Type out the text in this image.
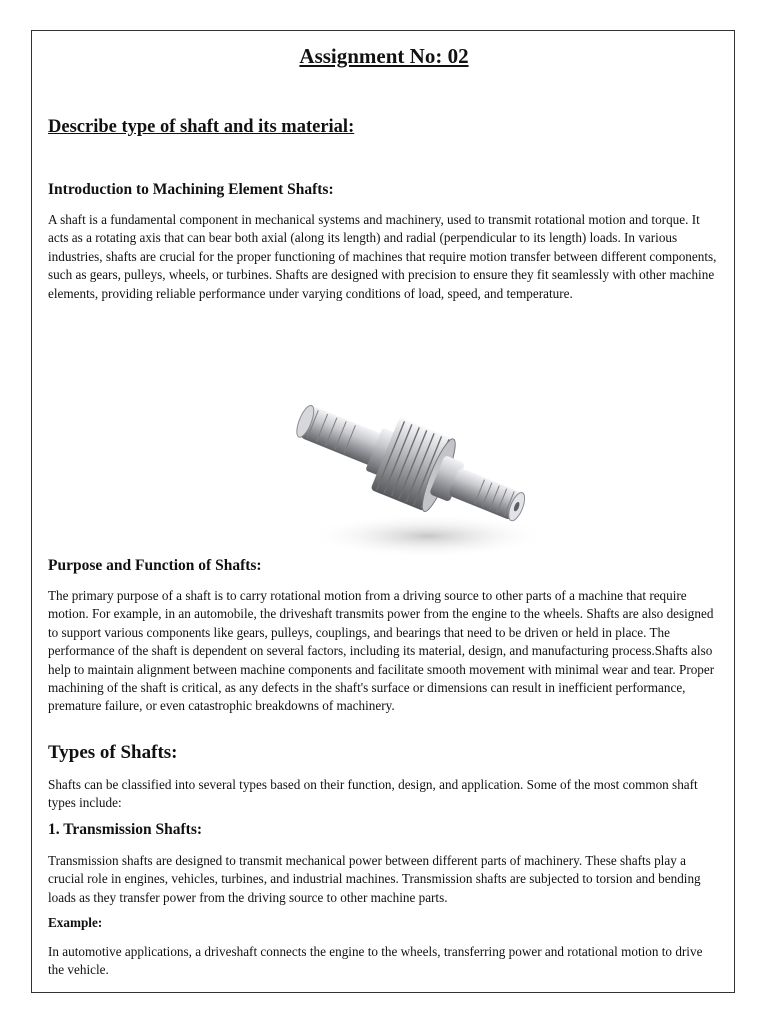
Assignment No: 02
Describe type of shaft and its material:
Introduction to Machining Element Shafts:

A shaft is a fundamental component in mechanical systems and machinery, used to transmit rotational motion and torque. It acts as a rotating axis that can bear both axial (along its length) and radial (perpendicular to its length) loads. In various industries, shafts are crucial for the proper functioning of machines that require motion transfer between different components, such as gears, pulleys, wheels, or turbines. Shafts are designed with precision to ensure they fit seamlessly with other machine elements, providing reliable performance under varying conditions of load, speed, and temperature.

Purpose and Function of Shafts:

The primary purpose of a shaft is to carry rotational motion from a driving source to other parts of a machine that require motion. For example, in an automobile, the driveshaft transmits power from the engine to the wheels. Shafts are also designed to support various components like gears, pulleys, couplings, and bearings that need to be driven or held in place. The performance of the shaft is dependent on several factors, including its material, design, and manufacturing process.Shafts also help to maintain alignment between machine components and facilitate smooth movement with minimal wear and tear. Proper machining of the shaft is critical, as any defects in the shaft's surface or dimensions can result in inefficient performance, premature failure, or even catastrophic breakdowns of machinery.

Types of Shafts:

Shafts can be classified into several types based on their function, design, and application. Some of the most common shaft types include:

1. Transmission Shafts:

Transmission shafts are designed to transmit mechanical power between different parts of machinery. These shafts play a crucial role in engines, vehicles, turbines, and industrial machines. Transmission shafts are subjected to torsion and bending loads as they transfer power from the driving source to other machine parts.

Example:

In automotive applications, a driveshaft connects the engine to the wheels, transferring power and rotational motion to drive the vehicle.
